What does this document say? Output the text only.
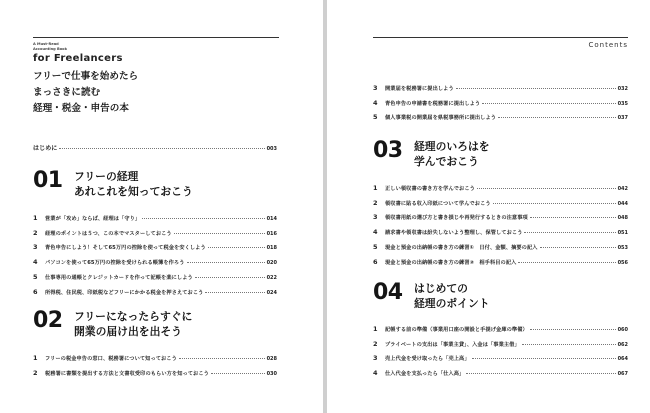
A Must-Read
Accounting Book
for Freelancers
フリーで仕事を始めたら
まっさきに読む
経理・税金・申告の本
はじめに	003
01 フリーの経理
あれこれを知っておこう
1	営業が「攻め」ならば、経理は「守り」	014
2	経理のポイントは５つ、この本でマスターしておこう	016
3	青色申告にしよう！そして65万円の控除を使って税金を安くしよう	018
4	パソコンを使って65万円の控除を受けられる帳簿を作ろう	020
5	仕事専用の通帳とクレジットカードを作って記帳を楽にしよう	022
6	所得税、住民税、印紙税などフリーにかかる税金を押さえておこう	024
02 フリーになったらすぐに
開業の届け出を出そう
1	フリーの税金申告の窓口、税務署について知っておこう	028
2	税務署に書類を提出する方法と文書収受印のもらい方を知っておこう	030
Contents
3	開業届を税務署に提出しよう	032
4	青色申告の申請書を税務署に提出しよう	035
5	個人事業税の開業届を県税事務所に提出しよう	037
03 経理のいろはを
学んでおこう
1	正しい領収書の書き方を学んでおこう	042
2	領収書に貼る収入印紙について学んでおこう	044
3	領収書用紙の選び方と書き損じや再発行するときの注意事項	048
4	請求書や領収書は紛失しないよう整理し、保管しておこう	051
5	現金と預金の出納帳の書き方の練習①　日付、金額、摘要の記入	053
6	現金と預金の出納帳の書き方の練習②　相手科目の記入	056
04 はじめての
経理のポイント
1	記帳する前の準備（事業用口座の開設と手提げ金庫の準備）	060
2	プライベートの支出は「事業主貸」、入金は「事業主借」	062
3	売上代金を受け取ったら「売上高」	064
4	仕入代金を支払ったら「仕入高」	067
